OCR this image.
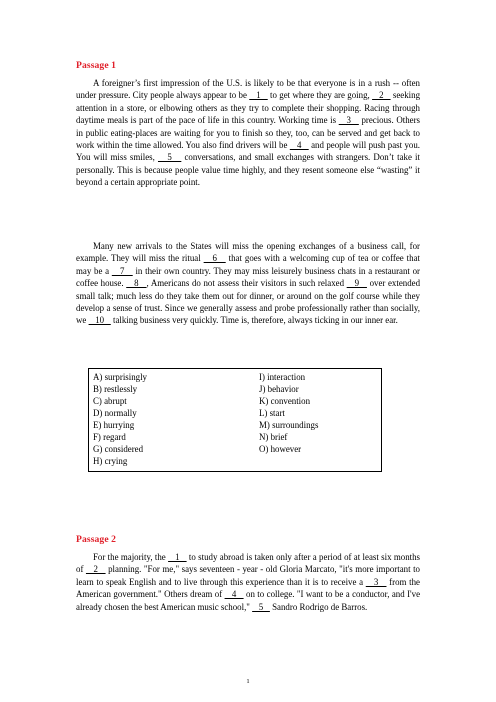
Passage 1

A foreigner’s first impression of the U.S. is likely to be that everyone is in a rush -- often under pressure. City people always appear to be    1    to get where they are going,    2    seeking attention in a store, or elbowing others as they try to complete their shopping. Racing through daytime meals is part of the pace of life in this country. Working time is    3    precious. Others in public eating-places are waiting for you to finish so they, too, can be served and get back to work within the time allowed. You also find drivers will be    4    and people will push past you. You will miss smiles,    5    conversations, and small exchanges with strangers. Don’t take it personally. This is because people value time highly, and they resent someone else “wasting” it beyond a certain appropriate point.

Many new arrivals to the States will miss the opening exchanges of a business call, for example. They will miss the ritual    6    that goes with a welcoming cup of tea or coffee that may be a    7    in their own country. They may miss leisurely business chats in a restaurant or coffee house.    8   , Americans do not assess their visitors in such relaxed    9    over extended small talk; much less do they take them out for dinner, or around on the golf course while they develop a sense of trust. Since we generally assess and probe professionally rather than socially, we    10    talking business very quickly. Time is, therefore, always ticking in our inner ear.

A) surprisingly
B) restlessly
C) abrupt
D) normally
E) hurrying
F) regard
G) considered
H) crying
I) interaction
J) behavior
K) convention
L) start
M) surroundings
N) brief
O) however
Passage 2

For the majority, the    1    to study abroad is taken only after a period of at least six months of    2    planning. "For me," says seventeen - year - old Gloria Marcato, "it's more important to learn to speak English and to live through this experience than it is to receive a    3    from the American government." Others dream of    4    on to college. "I want to be a conductor, and I've already chosen the best American music school,"    5    Sandro Rodrigo de Barros.

1
